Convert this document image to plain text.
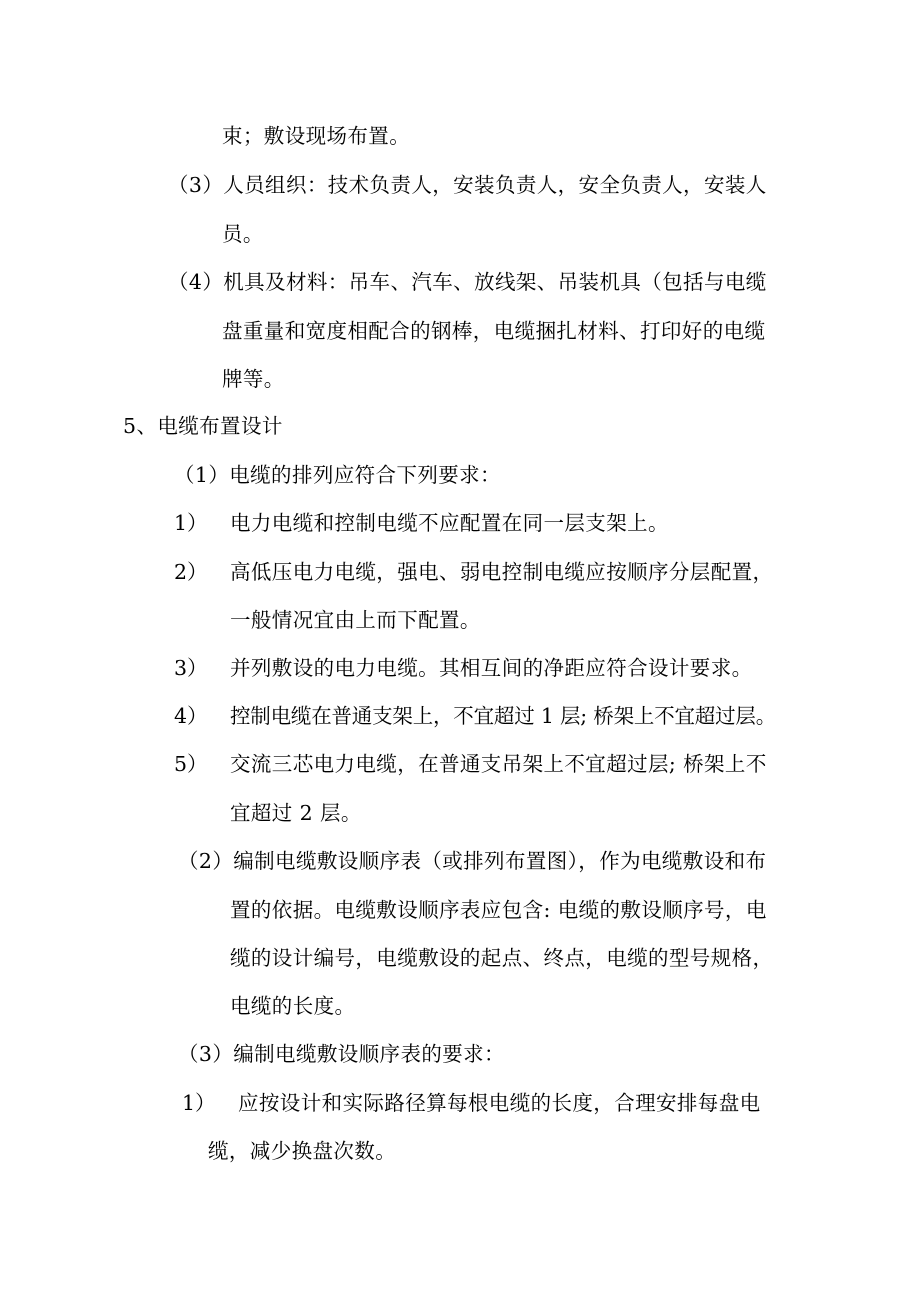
束；敷设现场布置。

（3）人员组织：技术负责人，安装负责人，安全负责人，安装人

员。

（4）机具及材料：吊车、汽车、放线架、吊装机具（包括与电缆

盘重量和宽度相配合的钢棒，电缆捆扎材料、打印好的电缆

牌等。

5、电缆布置设计

（1）电缆的排列应符合下列要求：

1） 电力电缆和控制电缆不应配置在同一层支架上。

2） 高低压电力电缆，强电、弱电控制电缆应按顺序分层配置，

一般情况宜由上而下配置。

3） 并列敷设的电力电缆。其相互间的净距应符合设计要求。

4） 控制电缆在普通支架上，不宜超过 1 层; 桥架上不宜超过层。

5） 交流三芯电力电缆，在普通支吊架上不宜超过层; 桥架上不

宜超过 2 层。

（2）编制电缆敷设顺序表（或排列布置图），作为电缆敷设和布

置的依据。电缆敷设顺序表应包含: 电缆的敷设顺序号，电

缆的设计编号，电缆敷设的起点、终点，电缆的型号规格，

电缆的长度。

（3）编制电缆敷设顺序表的要求：

1） 应按设计和实际路径算每根电缆的长度，合理安排每盘电

缆，减少换盘次数。
